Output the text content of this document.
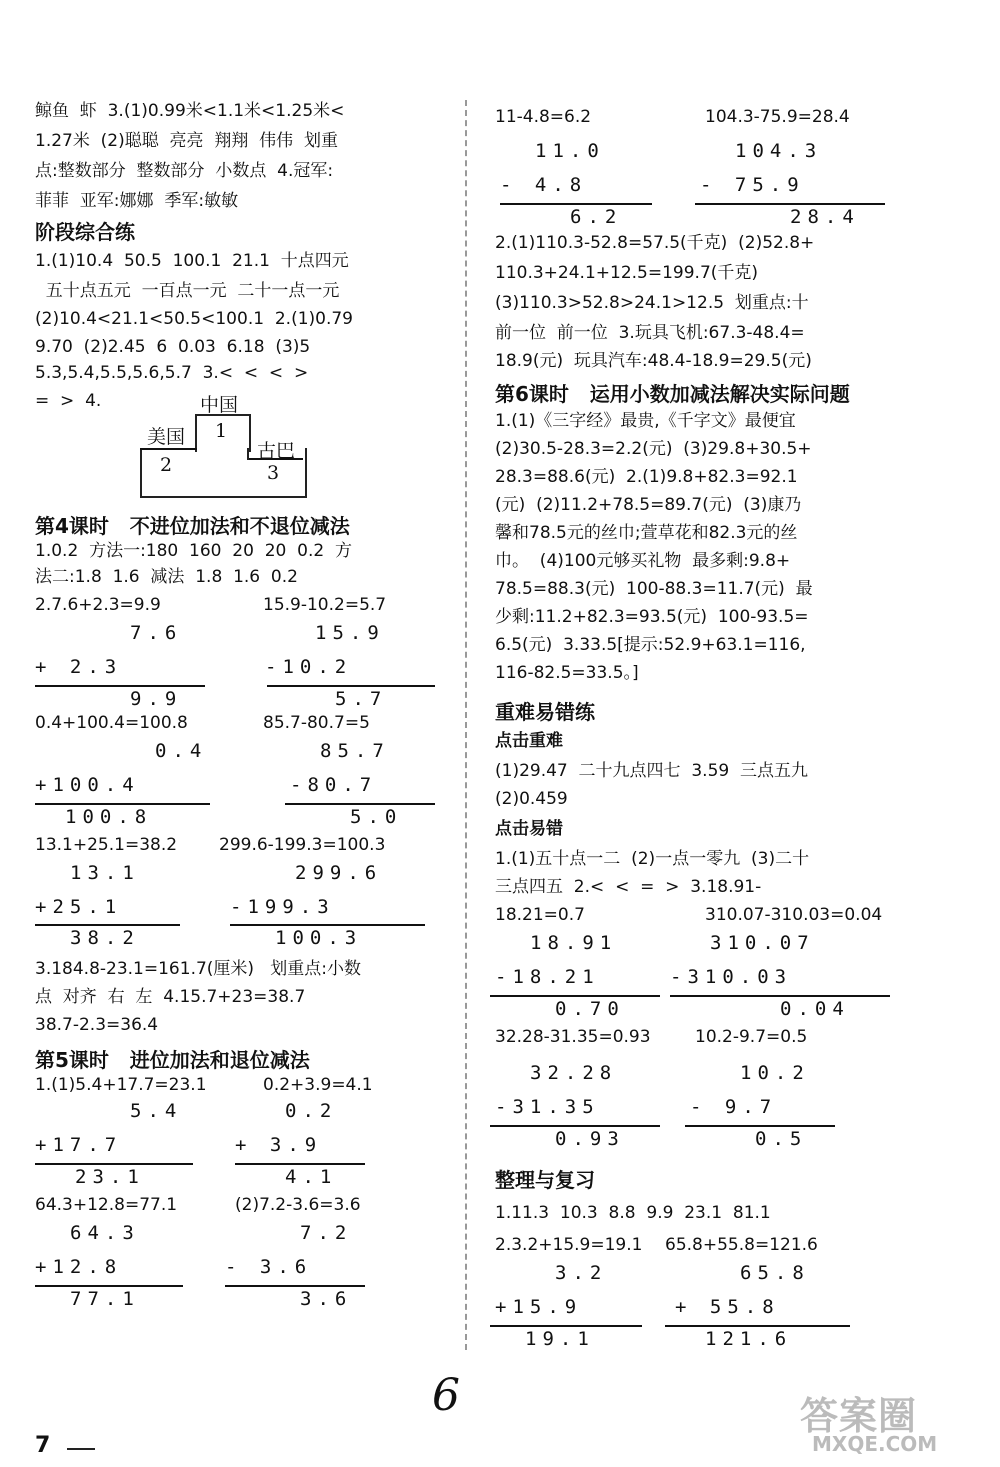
鲸鱼  虾  3.(1)0.99米<1.1米<1.25米<
1.27米  (2)聪聪  亮亮  翔翔  伟伟  划重
点:整数部分  整数部分  小数点  4.冠军:
菲菲  亚军:娜娜  季军:敏敏
阶段综合练
1.(1)10.4  50.5  100.1  21.1  十点四元
五十点五元  一百点一元  二十一点一元
(2)10.4<21.1<50.5<100.1  2.(1)0.79
9.70  (2)2.45  6  0.03  6.18  (3)5
5.3,5.4,5.5,5.6,5.7  3.<  <  <  >
=  >  4.	中国
1
美国
2
古巴
3
第4课时   不进位加法和不退位减法
1.0.2  方法一:180  160  20  20  0.2  方
法二:1.8  1.6  减法  1.8  1.6  0.2
2.7.6+2.3=9.9	15.9-10.2=5.7
7.6
+ 2.3
9.9
15.9
-10.2
5.7
0.4+100.4=100.8	85.7-80.7=5
0.4
+100.4
100.8
85.7
-80.7
5.0
13.1+25.1=38.2 299.6-199.3=100.3
13.1
+25.1
38.2
299.6
-199.3
100.3
3.184.8-23.1=161.7(厘米)   划重点:小数
点  对齐  右  左  4.15.7+23=38.7
38.7-2.3=36.4
第5课时   进位加法和退位减法
1.(1)5.4+17.7=23.1	0.2+3.9=4.1
5.4
+17.7
23.1
0.2
+ 3.9
4.1
64.3+12.8=77.1	(2)7.2-3.6=3.6
64.3
+12.8
77.1
7.2
- 3.6
3.6
7
11-4.8=6.2	104.3-75.9=28.4
11.0
- 4.8
6.2
104.3
- 75.9
28.4
2.(1)110.3-52.8=57.5(千克)  (2)52.8+
110.3+24.1+12.5=199.7(千克)
(3)110.3>52.8>24.1>12.5  划重点:十
前一位  前一位  3.玩具飞机:67.3-48.4=
18.9(元)  玩具汽车:48.4-18.9=29.5(元)
第6课时   运用小数加减法解决实际问题
1.(1)《三字经》最贵,《千字文》最便宜
(2)30.5-28.3=2.2(元)  (3)29.8+30.5+
28.3=88.6(元)  2.(1)9.8+82.3=92.1
(元)  (2)11.2+78.5=89.7(元)  (3)康乃
馨和78.5元的丝巾;萱草花和82.3元的丝
巾。  (4)100元够买礼物  最多剩:9.8+
78.5=88.3(元)  100-88.3=11.7(元)  最
少剩:11.2+82.3=93.5(元)  100-93.5=
6.5(元)  3.33.5[提示:52.9+63.1=116,
116-82.5=33.5。]
重难易错练
点击重难
(1)29.47  二十九点四七  3.59  三点五九
(2)0.459
点击易错
1.(1)五十点一二  (2)一点一零九  (3)二十
三点四五  2.<  <  =  >  3.18.91-
18.21=0.7	310.07-310.03=0.04
18.91
-18.21
0.70
310.07
-310.03
0.04
32.28-31.35=0.93	10.2-9.7=0.5
32.28
-31.35
0.93
10.2
- 9.7
0.5
整理与复习
1.11.3  10.3  8.8  9.9  23.1  81.1
2.3.2+15.9=19.1 65.8+55.8=121.6
3.2
+15.9
19.1
65.8
+ 55.8
121.6
6	答案圈
MXQE.COM
